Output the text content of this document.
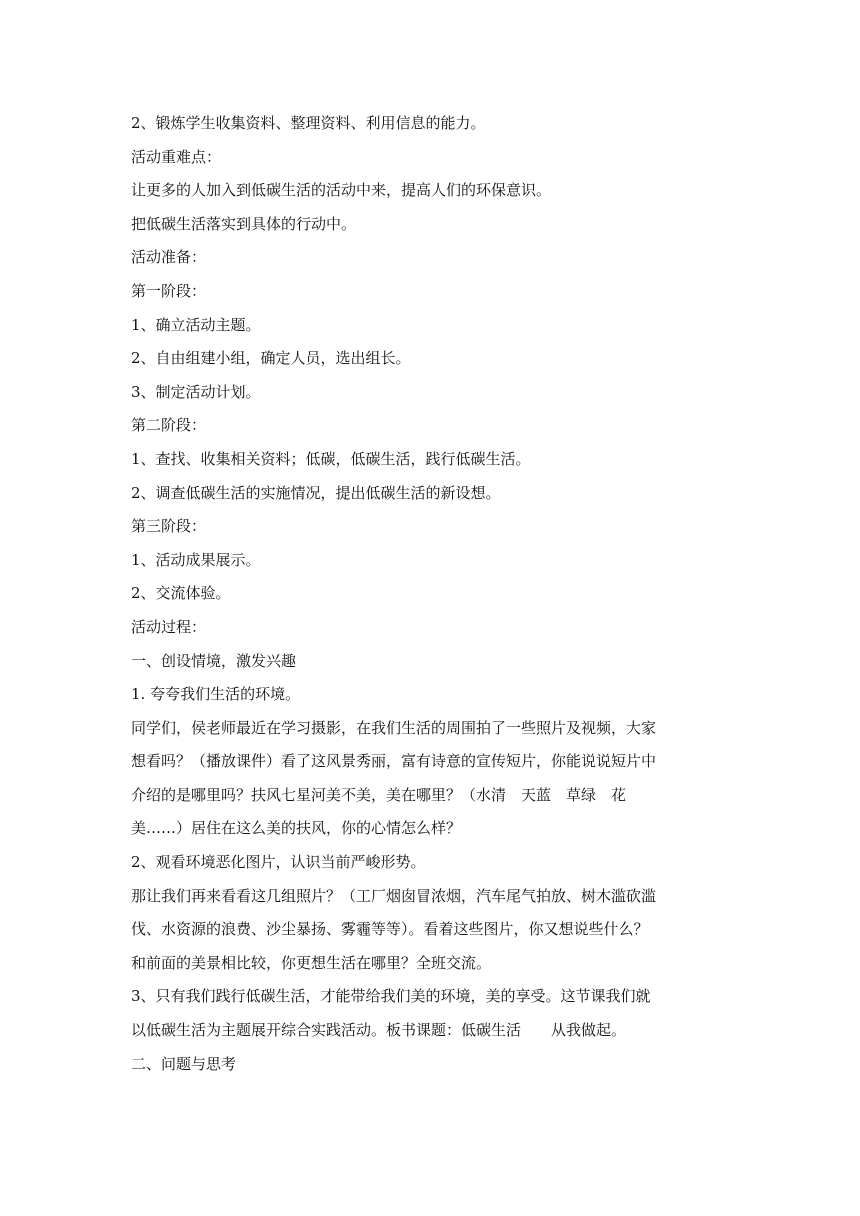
2、锻炼学生收集资料、整理资料、利用信息的能力。
活动重难点：
让更多的人加入到低碳生活的活动中来，提高人们的环保意识。
把低碳生活落实到具体的行动中。
活动准备：
第一阶段：
1、确立活动主题。
2、自由组建小组，确定人员，选出组长。
3、制定活动计划。
第二阶段：
1、查找、收集相关资料；低碳，低碳生活，践行低碳生活。
2、调查低碳生活的实施情况，提出低碳生活的新设想。
第三阶段：
1、活动成果展示。
2、交流体验。
活动过程：
一、创设情境，激发兴趣
1.	夸夸我们生活的环境。
同学们，侯老师最近在学习摄影，在我们生活的周围拍了一些照片及视频，大家
想看吗？（播放课件）看了这风景秀丽，富有诗意的宣传短片，你能说说短片中
介绍的是哪里吗？扶风七星河美不美，美在哪里？（水清　天蓝　草绿　花
美……）居住在这么美的扶风，你的心情怎么样？
2、观看环境恶化图片，认识当前严峻形势。
那让我们再来看看这几组照片？（工厂烟囱冒浓烟，汽车尾气拍放、树木滥砍滥
伐、水资源的浪费、沙尘暴扬、雾霾等等）。看着这些图片，你又想说些什么？
和前面的美景相比较，你更想生活在哪里？全班交流。
3、只有我们践行低碳生活，才能带给我们美的环境，美的享受。这节课我们就
以低碳生活为主题展开综合实践活动。板书课题：低碳生活　　从我做起。
二、问题与思考
